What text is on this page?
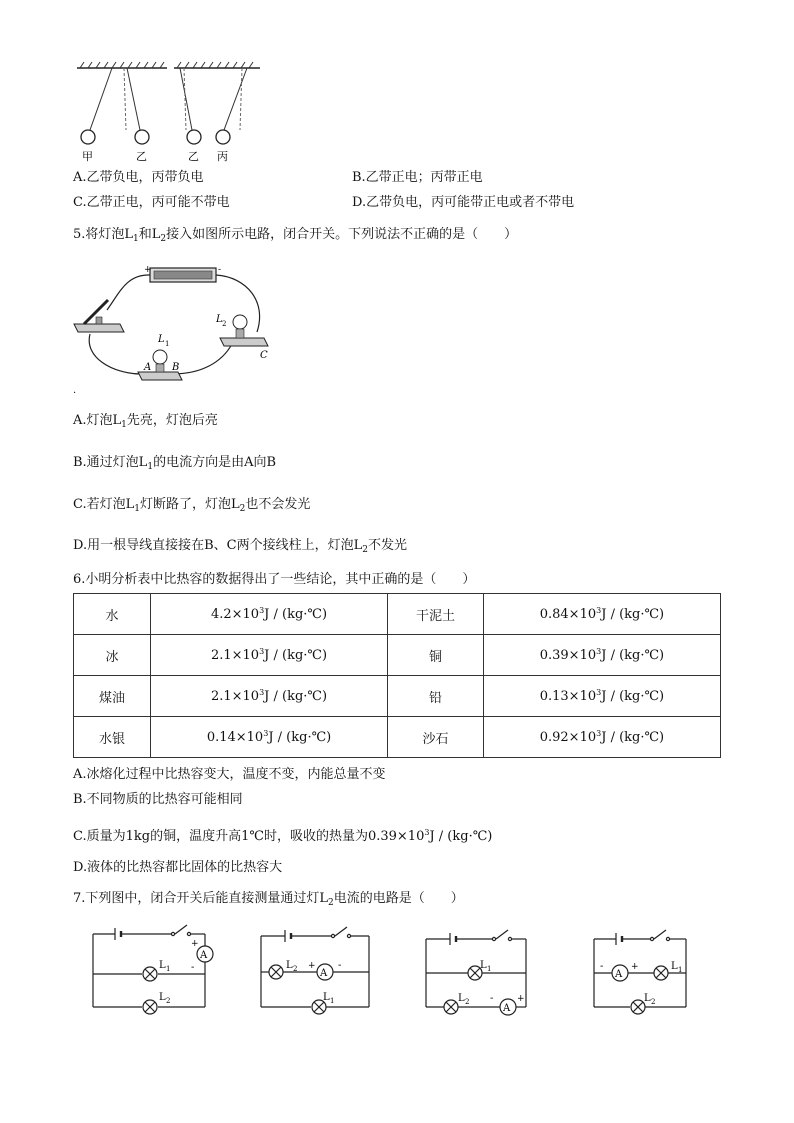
甲	乙	乙 丙
A.乙带负电，丙带负电	B.乙带正电；丙带正电
C.乙带正电，丙可能不带电	D.乙带负电，丙可能带正电或者不带电
5.将灯泡$L_1$和$L_2$接入如图所示电路，闭合开关。下列说法不正确的是（　　）
+	-
L 2
C
L 1
A B
·
A.灯泡$L_1$先亮，灯泡后亮
B.通过灯泡$L_1$的电流方向是由A向B
C.若灯泡$L_1$灯断路了，灯泡$L_2$也不会发光
D.用一根导线直接接在B、C两个接线柱上，灯泡$L_2$不发光
6.小明分析表中比热容的数据得出了一些结论，其中正确的是（　　）
水	$4.2\times 10^3J$ / (kg·℃)	干泥土	$0.84\times 10^3J$ / (kg·℃)
冰	$2.1\times 10^3J$ / (kg·℃)	铜	$0.39\times 10^3J$ / (kg·℃)
煤油	$2.1\times 10^3J$ / (kg·℃)	铅	$0.13\times 10^3J$ / (kg·℃)
水银	$0.14\times 10^3J$ / (kg·℃)	沙石	$0.92\times 10^3J$ / (kg·℃)
A.冰熔化过程中比热容变大，温度不变，内能总量不变
B.不同物质的比热容可能相同
C.质量为1kg的铜，温度升高1℃时，吸收的热量为$0.39\times 10^3J$ / (kg·℃)
D.液体的比热容都比固体的比热容大
7.下列图中，闭合开关后能直接测量通过灯$L_2$电流的电路是（　　）
A
+
-
L 1
L 2
A
L 2 + -
L 1
A
L 1
L 2 -	+
A
-	+	L 1
L 2
